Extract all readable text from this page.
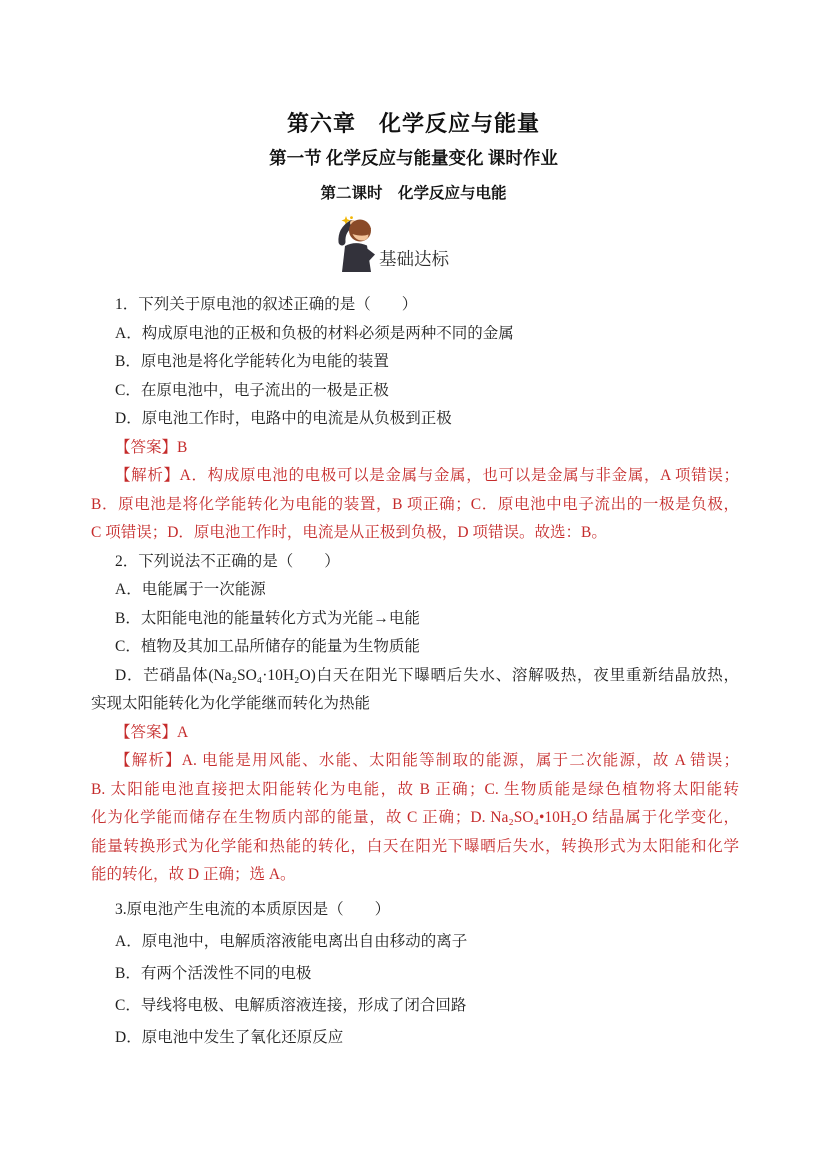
第六章　化学反应与能量
第一节 化学反应与能量变化 课时作业
第二课时　化学反应与电能
基础达标
1．下列关于原电池的叙述正确的是（　　）
A．构成原电池的正极和负极的材料必须是两种不同的金属
B．原电池是将化学能转化为电能的装置
C．在原电池中，电子流出的一极是正极
D．原电池工作时，电路中的电流是从负极到正极
【答案】B
【解析】A．构成原电池的电极可以是金属与金属，也可以是金属与非金属，A 项错误；
B．原电池是将化学能转化为电能的装置，B 项正确；C．原电池中电子流出的一极是负极，
C 项错误；D．原电池工作时，电流是从正极到负极，D 项错误。故选：B。
2．下列说法不正确的是（　　）
A．电能属于一次能源
B．太阳能电池的能量转化方式为光能→电能
C．植物及其加工品所储存的能量为生物质能
D．芒硝晶体(Na₂SO₄·10H₂O)白天在阳光下曝晒后失水、溶解吸热，夜里重新结晶放热，
实现太阳能转化为化学能继而转化为热能
【答案】A
【解析】A. 电能是用风能、水能、太阳能等制取的能源，属于二次能源，故 A 错误；
B. 太阳能电池直接把太阳能转化为电能，故 B 正确；C. 生物质能是绿色植物将太阳能转
化为化学能而储存在生物质内部的能量，故 C 正确；D. Na₂SO₄•10H₂O 结晶属于化学变化，
能量转换形式为化学能和热能的转化，白天在阳光下曝晒后失水，转换形式为太阳能和化学
能的转化，故 D 正确；选 A。
3.原电池产生电流的本质原因是（　　）
A．原电池中，电解质溶液能电离出自由移动的离子
B．有两个活泼性不同的电极
C．导线将电极、电解质溶液连接，形成了闭合回路
D．原电池中发生了氧化还原反应
